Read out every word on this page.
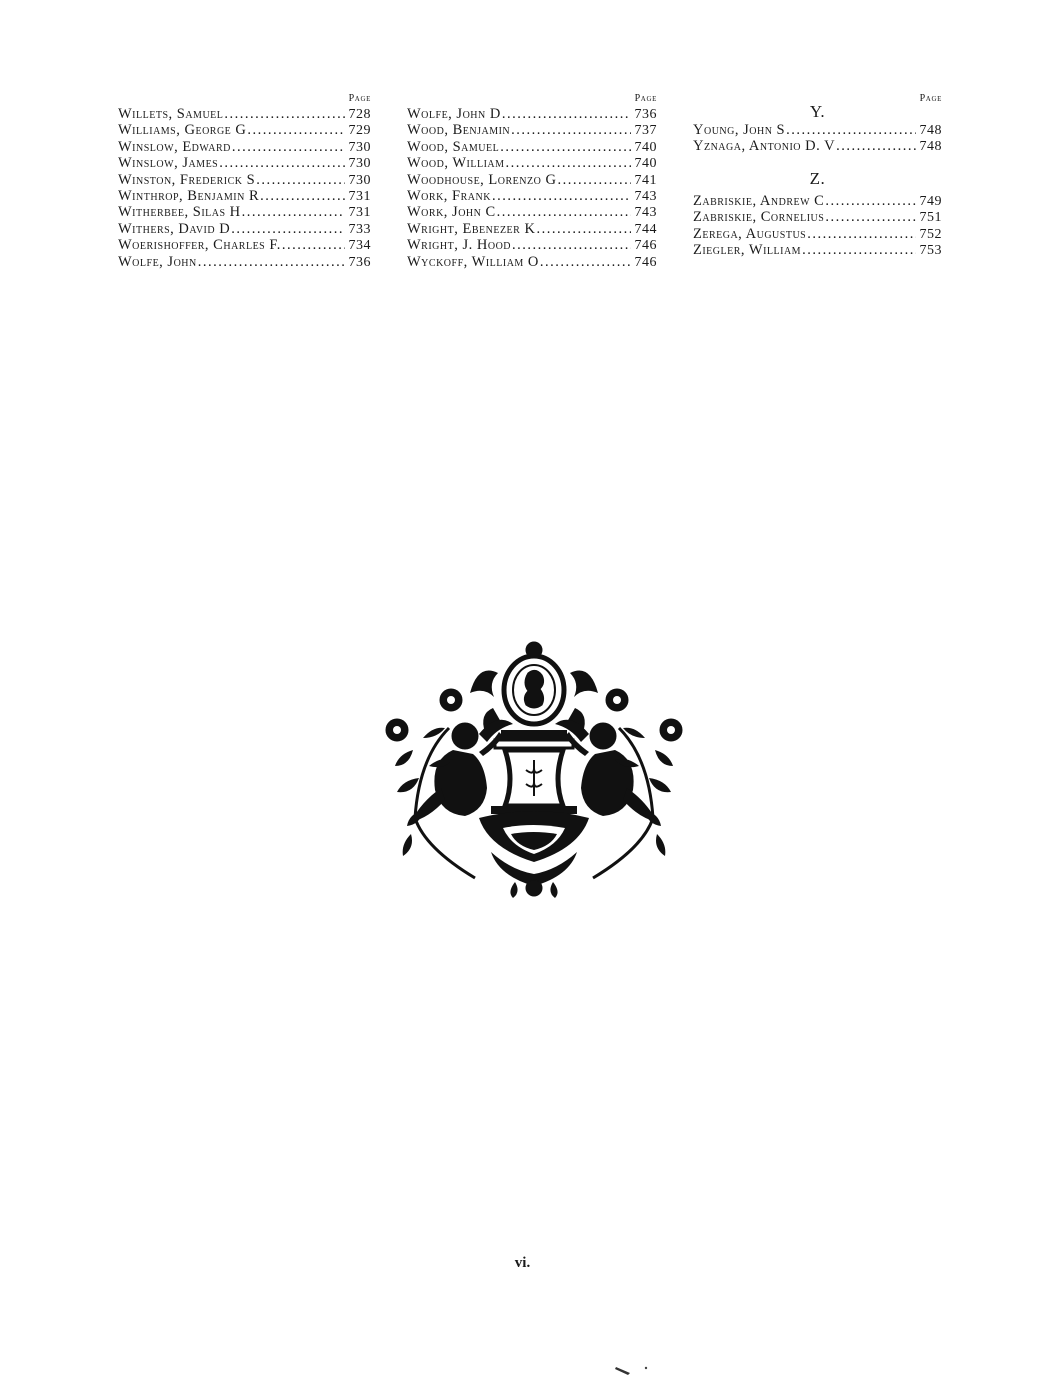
Page
Willets, Samuel .....	728
Williams, George G .....	729
Winslow, Edward .....	730
Winslow, James .....	730
Winston, Frederick S .....	730
Winthrop, Benjamin R .....	731
Witherbee, Silas H .....	731
Withers, David D .....	733
Woerishoffer, Charles F. .....	734
Wolfe, John .....	736
Page
Wolfe, John D .....	736
Wood, Benjamin .....	737
Wood, Samuel .....	740
Wood, William .....	740
Woodhouse, Lorenzo G .....	741
Work, Frank .....	743
Work, John C .....	743
Wright, Ebenezer K .....	744
Wright, J. Hood .....	746
Wyckoff, William O .....	746
Page
Y.
Young, John S .....	748
Yznaga, Antonio D. V .....	748
Z.
Zabriskie, Andrew C .....	749
Zabriskie, Cornelius .....	751
Zerega, Augustus .....	752
Ziegler, William .....	753
vi.
